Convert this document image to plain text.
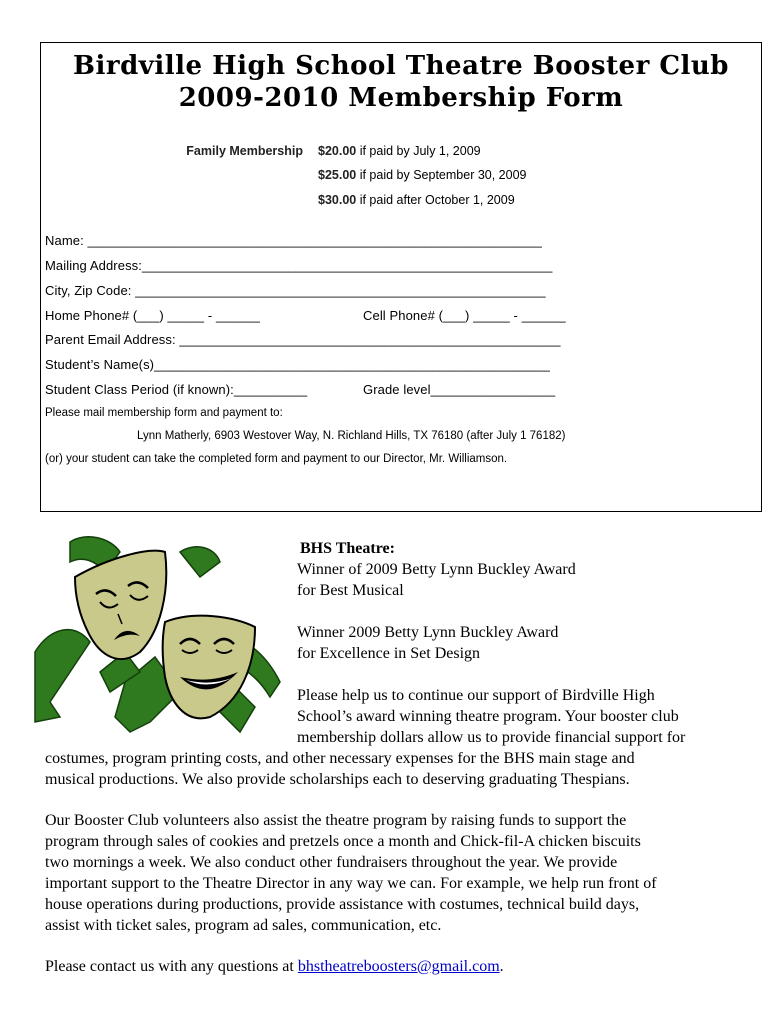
Birdville High School Theatre Booster Club
2009-2010 Membership Form
Family Membership $20.00 if paid by July 1, 2009
$25.00 if paid by September 30, 2009
$30.00 if paid after October 1, 2009
Name: ______________________________________________________________
Mailing Address:________________________________________________________
City, Zip Code: ________________________________________________________
Home Phone# (___) _____ - ______	Cell Phone# (___) _____ - ______
Parent Email Address: ____________________________________________________
Student’s Name(s)______________________________________________________
Student Class Period (if known):__________	Grade level_________________
Please mail membership form and payment to:
Lynn Matherly, 6903 Westover Way, N. Richland Hills, TX 76180 (after July 1 76182)
(or) your student can take the completed form and payment to our Director, Mr. Williamson.
BHS Theatre:
Winner of 2009 Betty Lynn Buckley Award
for Best Musical
Winner 2009 Betty Lynn Buckley Award
for Excellence in Set Design
Please help us to continue our support of Birdville High
School’s award winning theatre program. Your booster club
membership dollars allow us to provide financial support for
costumes, program printing costs, and other necessary expenses for the BHS main stage and
musical productions. We also provide scholarships each to deserving graduating Thespians.
Our Booster Club volunteers also assist the theatre program by raising funds to support the
program through sales of cookies and pretzels once a month and Chick-fil-A chicken biscuits
two mornings a week. We also conduct other fundraisers throughout the year. We provide
important support to the Theatre Director in any way we can. For example, we help run front of
house operations during productions, provide assistance with costumes, technical build days,
assist with ticket sales, program ad sales, communication, etc.
Please contact us with any questions at bhstheatreboosters@gmail.com.
